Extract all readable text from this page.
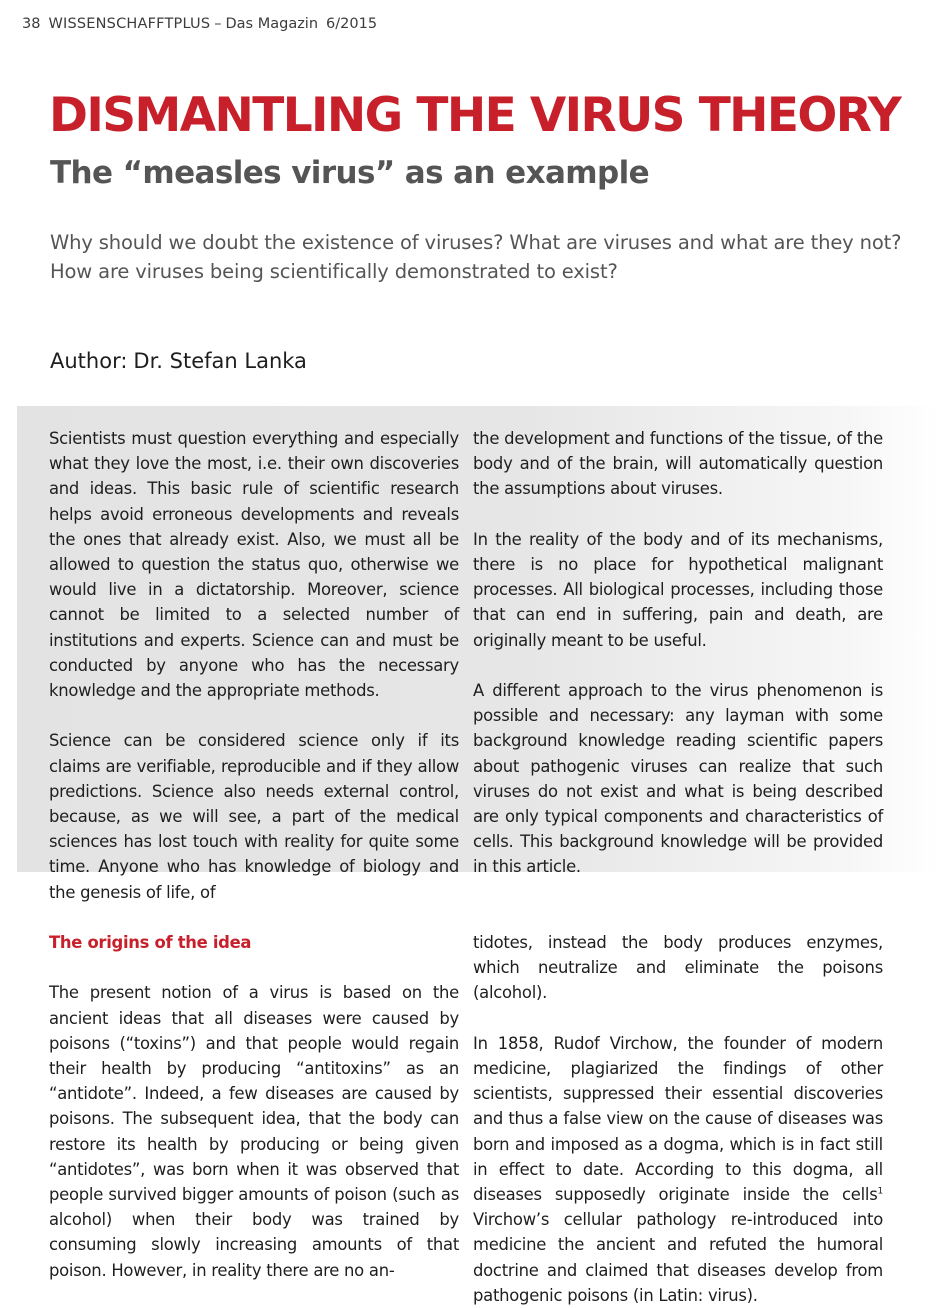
38 WISSENSCHAFFTPLUS – Das Magazin 6/2015
DISMANTLING THE VIRUS THEORY
The “measles virus” as an example

Why should we doubt the existence of viruses? What are viruses and what are they not? How are viruses being scientifically demonstrated to exist?

Author: Dr. Stefan Lanka

Scientists must question everything and especially what they love the most, i.e. their own discoveries and ideas. This basic rule of scientific research helps avoid erroneous developments and reveals the ones that already exist. Also, we must all be allowed to question the status quo, otherwise we would live in a dictatorship. Moreover, science cannot be limited to a selected number of institutions and experts. Science can and must be conducted by anyone who has the necessary knowledge and the appropriate methods.

Science can be considered science only if its claims are verifiable, reproducible and if they allow predictions. Science also needs external control, because, as we will see, a part of the medical sciences has lost touch with reality for quite some time. Anyone who has knowledge of biology and the genesis of life, of

the development and functions of the tissue, of the body and of the brain, will automatically question the assumptions about viruses.

In the reality of the body and of its mechanisms, there is no place for hypothetical malignant processes. All biological processes, including those that can end in suffering, pain and death, are originally meant to be useful.

A different approach to the virus phenomenon is possible and necessary: any layman with some background knowledge reading scientific papers about pathogenic viruses can realize that such viruses do not exist and what is being described are only typical components and characteristics of cells. This background knowledge will be provided in this article.

The origins of the idea

The present notion of a virus is based on the ancient ideas that all diseases were caused by poisons (“toxins”) and that people would regain their health by producing “antitoxins” as an “antidote”. Indeed, a few diseases are caused by poisons. The subsequent idea, that the body can restore its health by producing or being given “antidotes”, was born when it was observed that people survived bigger amounts of poison (such as alcohol) when their body was trained by consuming slowly increasing amounts of that poison. However, in reality there are no an-

tidotes, instead the body produces enzymes, which neutralize and eliminate the poisons (alcohol).

In 1858, Rudof Virchow, the founder of modern medicine, plagiarized the findings of other scientists, suppressed their essential discoveries and thus a false view on the cause of diseases was born and imposed as a dogma, which is in fact still in effect to date. According to this dogma, all diseases supposedly originate inside the cells$^1$ Virchow’s cellular pathology re-introduced into medicine the ancient and refuted the humoral doctrine and claimed that diseases develop from pathogenic poisons (in Latin: virus).
